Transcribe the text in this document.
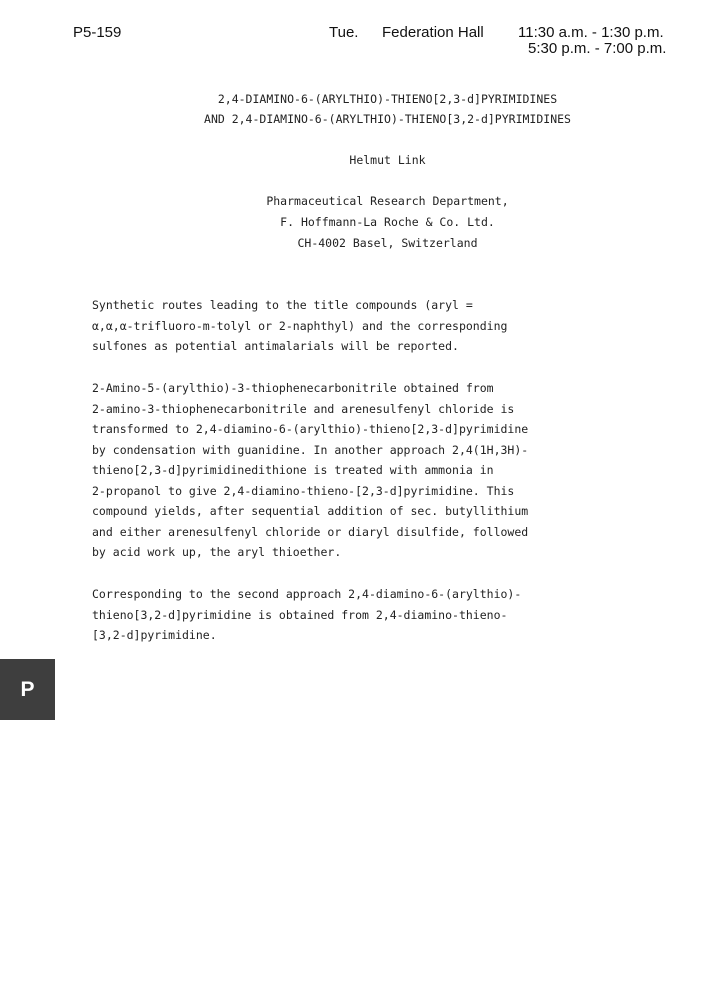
P5-159	Tue. Federation Hall 11:30 a.m. - 1:30 p.m.
5:30 p.m. - 7:00 p.m.
2,4-DIAMINO-6-(ARYLTHIO)-THIENO[2,3-d]PYRIMIDINES
AND 2,4-DIAMINO-6-(ARYLTHIO)-THIENO[3,2-d]PYRIMIDINES
Helmut Link
Pharmaceutical Research Department,
F. Hoffmann-La Roche & Co. Ltd.
CH-4002 Basel, Switzerland
Synthetic routes leading to the title compounds (aryl =
α,α,α-trifluoro-m-tolyl or 2-naphthyl) and the corresponding
sulfones as potential antimalarials will be reported.
2-Amino-5-(arylthio)-3-thiophenecarbonitrile obtained from
2-amino-3-thiophenecarbonitrile and arenesulfenyl chloride is
transformed to 2,4-diamino-6-(arylthio)-thieno[2,3-d]pyrimidine
by condensation with guanidine. In another approach 2,4(1H,3H)-
thieno[2,3-d]pyrimidinedithione is treated with ammonia in
2-propanol to give 2,4-diamino-thieno-[2,3-d]pyrimidine. This
compound yields, after sequential addition of sec. butyllithium
and either arenesulfenyl chloride or diaryl disulfide, followed
by acid work up, the aryl thioether.
Corresponding to the second approach 2,4-diamino-6-(arylthio)-
thieno[3,2-d]pyrimidine is obtained from 2,4-diamino-thieno-
[3,2-d]pyrimidine.
P
